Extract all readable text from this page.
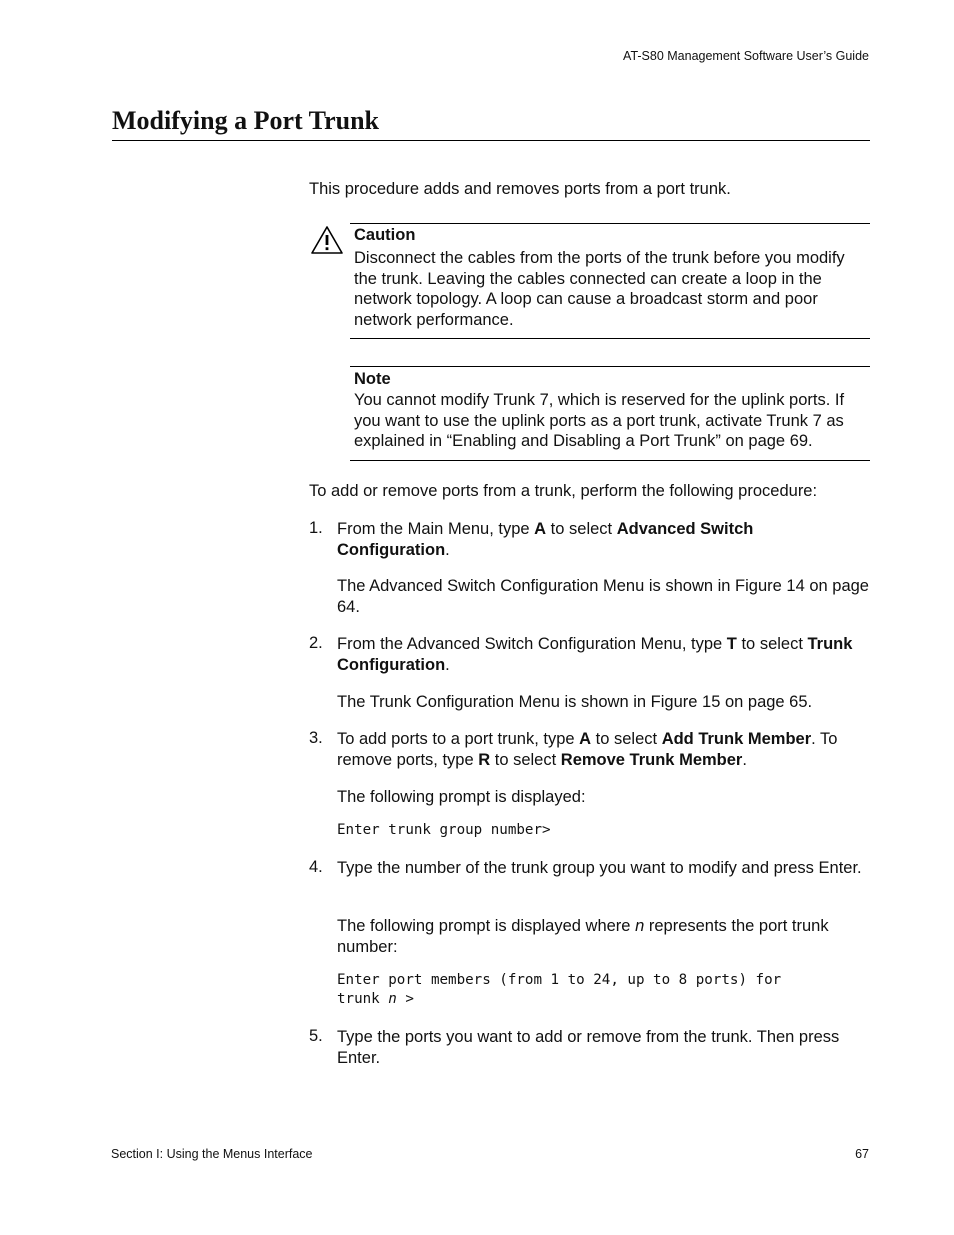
AT-S80 Management Software User’s Guide
Modifying a Port Trunk
This procedure adds and removes ports from a port trunk.
Caution
Disconnect the cables from the ports of the trunk before you modify the trunk. Leaving the cables connected can create a loop in the network topology. A loop can cause a broadcast storm and poor network performance.
Note
You cannot modify Trunk 7, which is reserved for the uplink ports. If you want to use the uplink ports as a port trunk, activate Trunk 7 as explained in “Enabling and Disabling a Port Trunk” on page 69.
To add or remove ports from a trunk, perform the following procedure:
1. From the Main Menu, type A to select Advanced Switch Configuration.
The Advanced Switch Configuration Menu is shown in Figure 14 on page 64.
2. From the Advanced Switch Configuration Menu, type T to select Trunk Configuration.
The Trunk Configuration Menu is shown in Figure 15 on page 65.
3. To add ports to a port trunk, type A to select Add Trunk Member. To remove ports, type R to select Remove Trunk Member.
The following prompt is displayed:
Enter trunk group number>
4. Type the number of the trunk group you want to modify and press Enter.
The following prompt is displayed where n represents the port trunk number:
Enter port members (from 1 to 24, up to 8 ports) for
trunk n >
5. Type the ports you want to add or remove from the trunk. Then press Enter.
Section I: Using the Menus Interface	67
